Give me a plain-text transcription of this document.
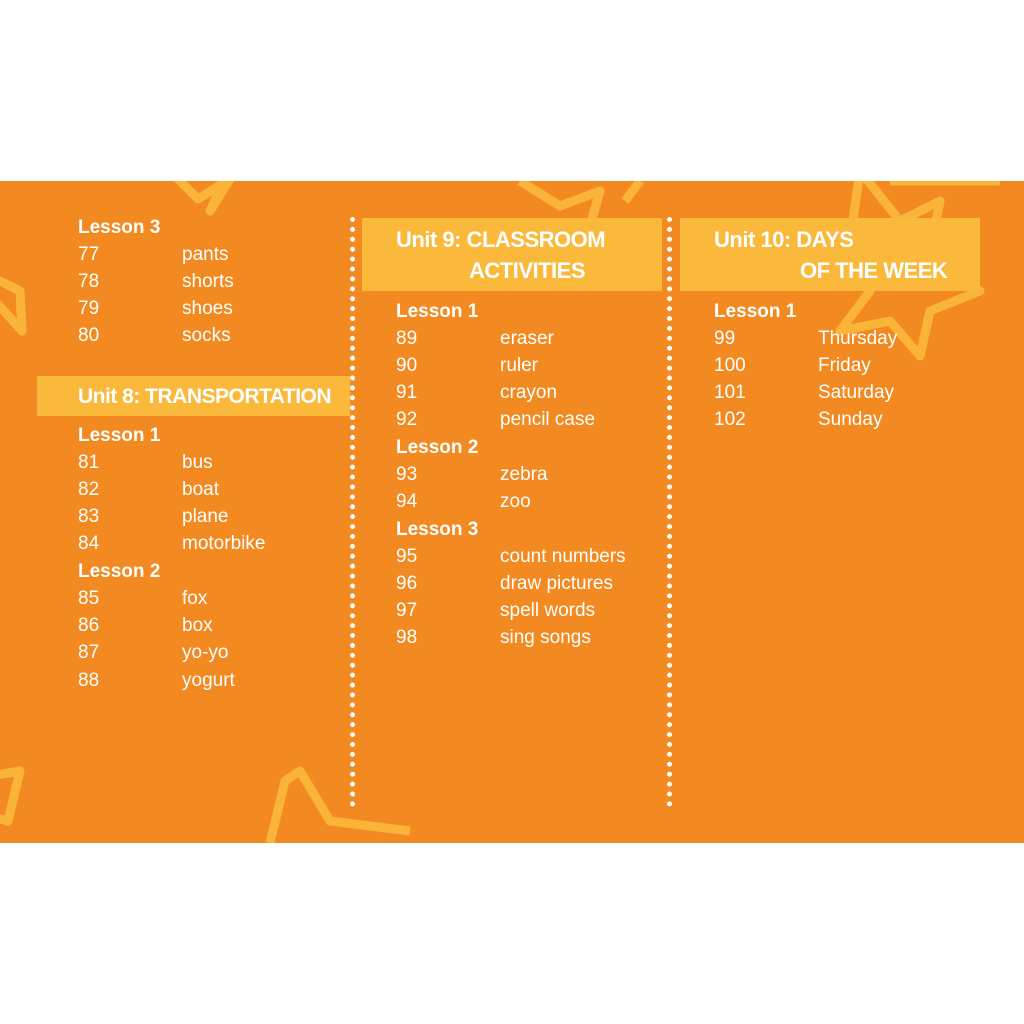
Lesson 3
77	pants
78	shorts
79	shoes
80	socks
Unit 8: TRANSPORTATION
Lesson 1
81	bus
82	boat
83	plane
84	motorbike
Lesson 2
85	fox
86	box
87	yo-yo
88	yogurt
Unit 9: CLASSROOM
ACTIVITIES
Lesson 1
89	eraser
90	ruler
91	crayon
92	pencil case
Lesson 2
93	zebra
94	zoo
Lesson 3
95	count numbers
96	draw pictures
97	spell words
98	sing songs
Unit 10: DAYS
OF THE WEEK
Lesson 1
99	Thursday
100	Friday
101	Saturday
102	Sunday
